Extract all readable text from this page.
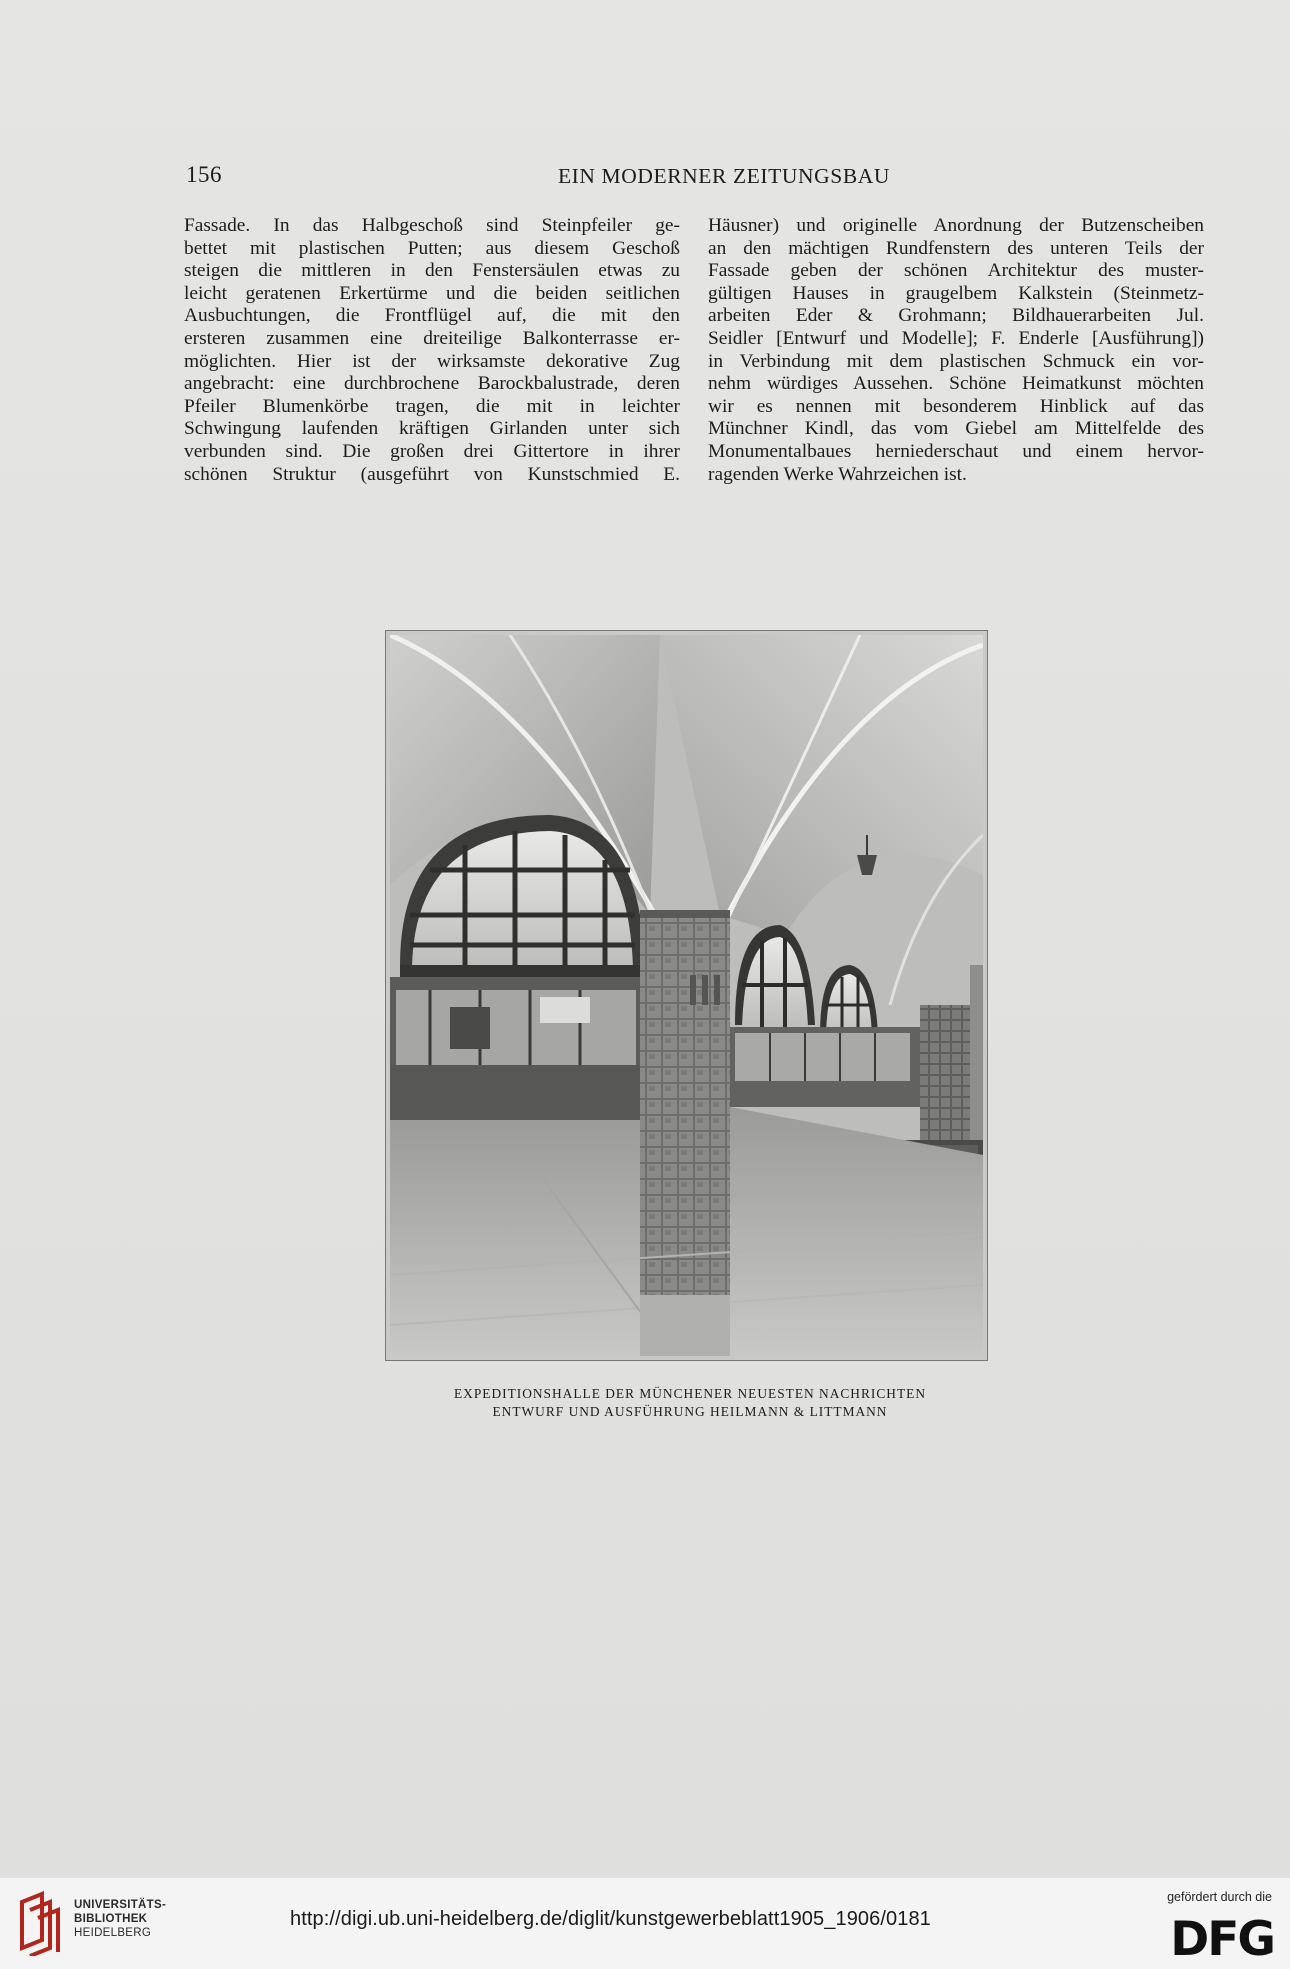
156	EIN MODERNER ZEITUNGSBAU
Fassade. In das Halbgeschoß sind Steinpfeiler ge-
bettet mit plastischen Putten; aus diesem Geschoß
steigen die mittleren in den Fenstersäulen etwas zu
leicht geratenen Erkertürme und die beiden seitlichen
Ausbuchtungen, die Frontflügel auf, die mit den
ersteren zusammen eine dreiteilige Balkonterrasse er-
möglichten. Hier ist der wirksamste dekorative Zug
angebracht: eine durchbrochene Barockbalustrade, deren
Pfeiler Blumenkörbe tragen, die mit in leichter
Schwingung laufenden kräftigen Girlanden unter sich
verbunden sind. Die großen drei Gittertore in ihrer
schönen Struktur (ausgeführt von Kunstschmied E.
Häusner) und originelle Anordnung der Butzenscheiben
an den mächtigen Rundfenstern des unteren Teils der
Fassade geben der schönen Architektur des muster-
gültigen Hauses in graugelbem Kalkstein (Steinmetz-
arbeiten Eder & Grohmann; Bildhauerarbeiten Jul.
Seidler [Entwurf und Modelle]; F. Enderle [Ausführung])
in Verbindung mit dem plastischen Schmuck ein vor-
nehm würdiges Aussehen. Schöne Heimatkunst möchten
wir es nennen mit besonderem Hinblick auf das
Münchner Kindl, das vom Giebel am Mittelfelde des
Monumentalbaues herniederschaut und einem hervor-
ragenden Werke Wahrzeichen ist.
EXPEDITIONSHALLE DER MÜNCHENER NEUESTEN NACHRICHTEN
ENTWURF UND AUSFÜHRUNG HEILMANN & LITTMANN
UNIVERSITÄTS-
BIBLIOTHEK
HEIDELBERG
http://digi.ub.uni-heidelberg.de/diglit/kunstgewerbeblatt1905_1906/0181
gefördert durch die
DFG
